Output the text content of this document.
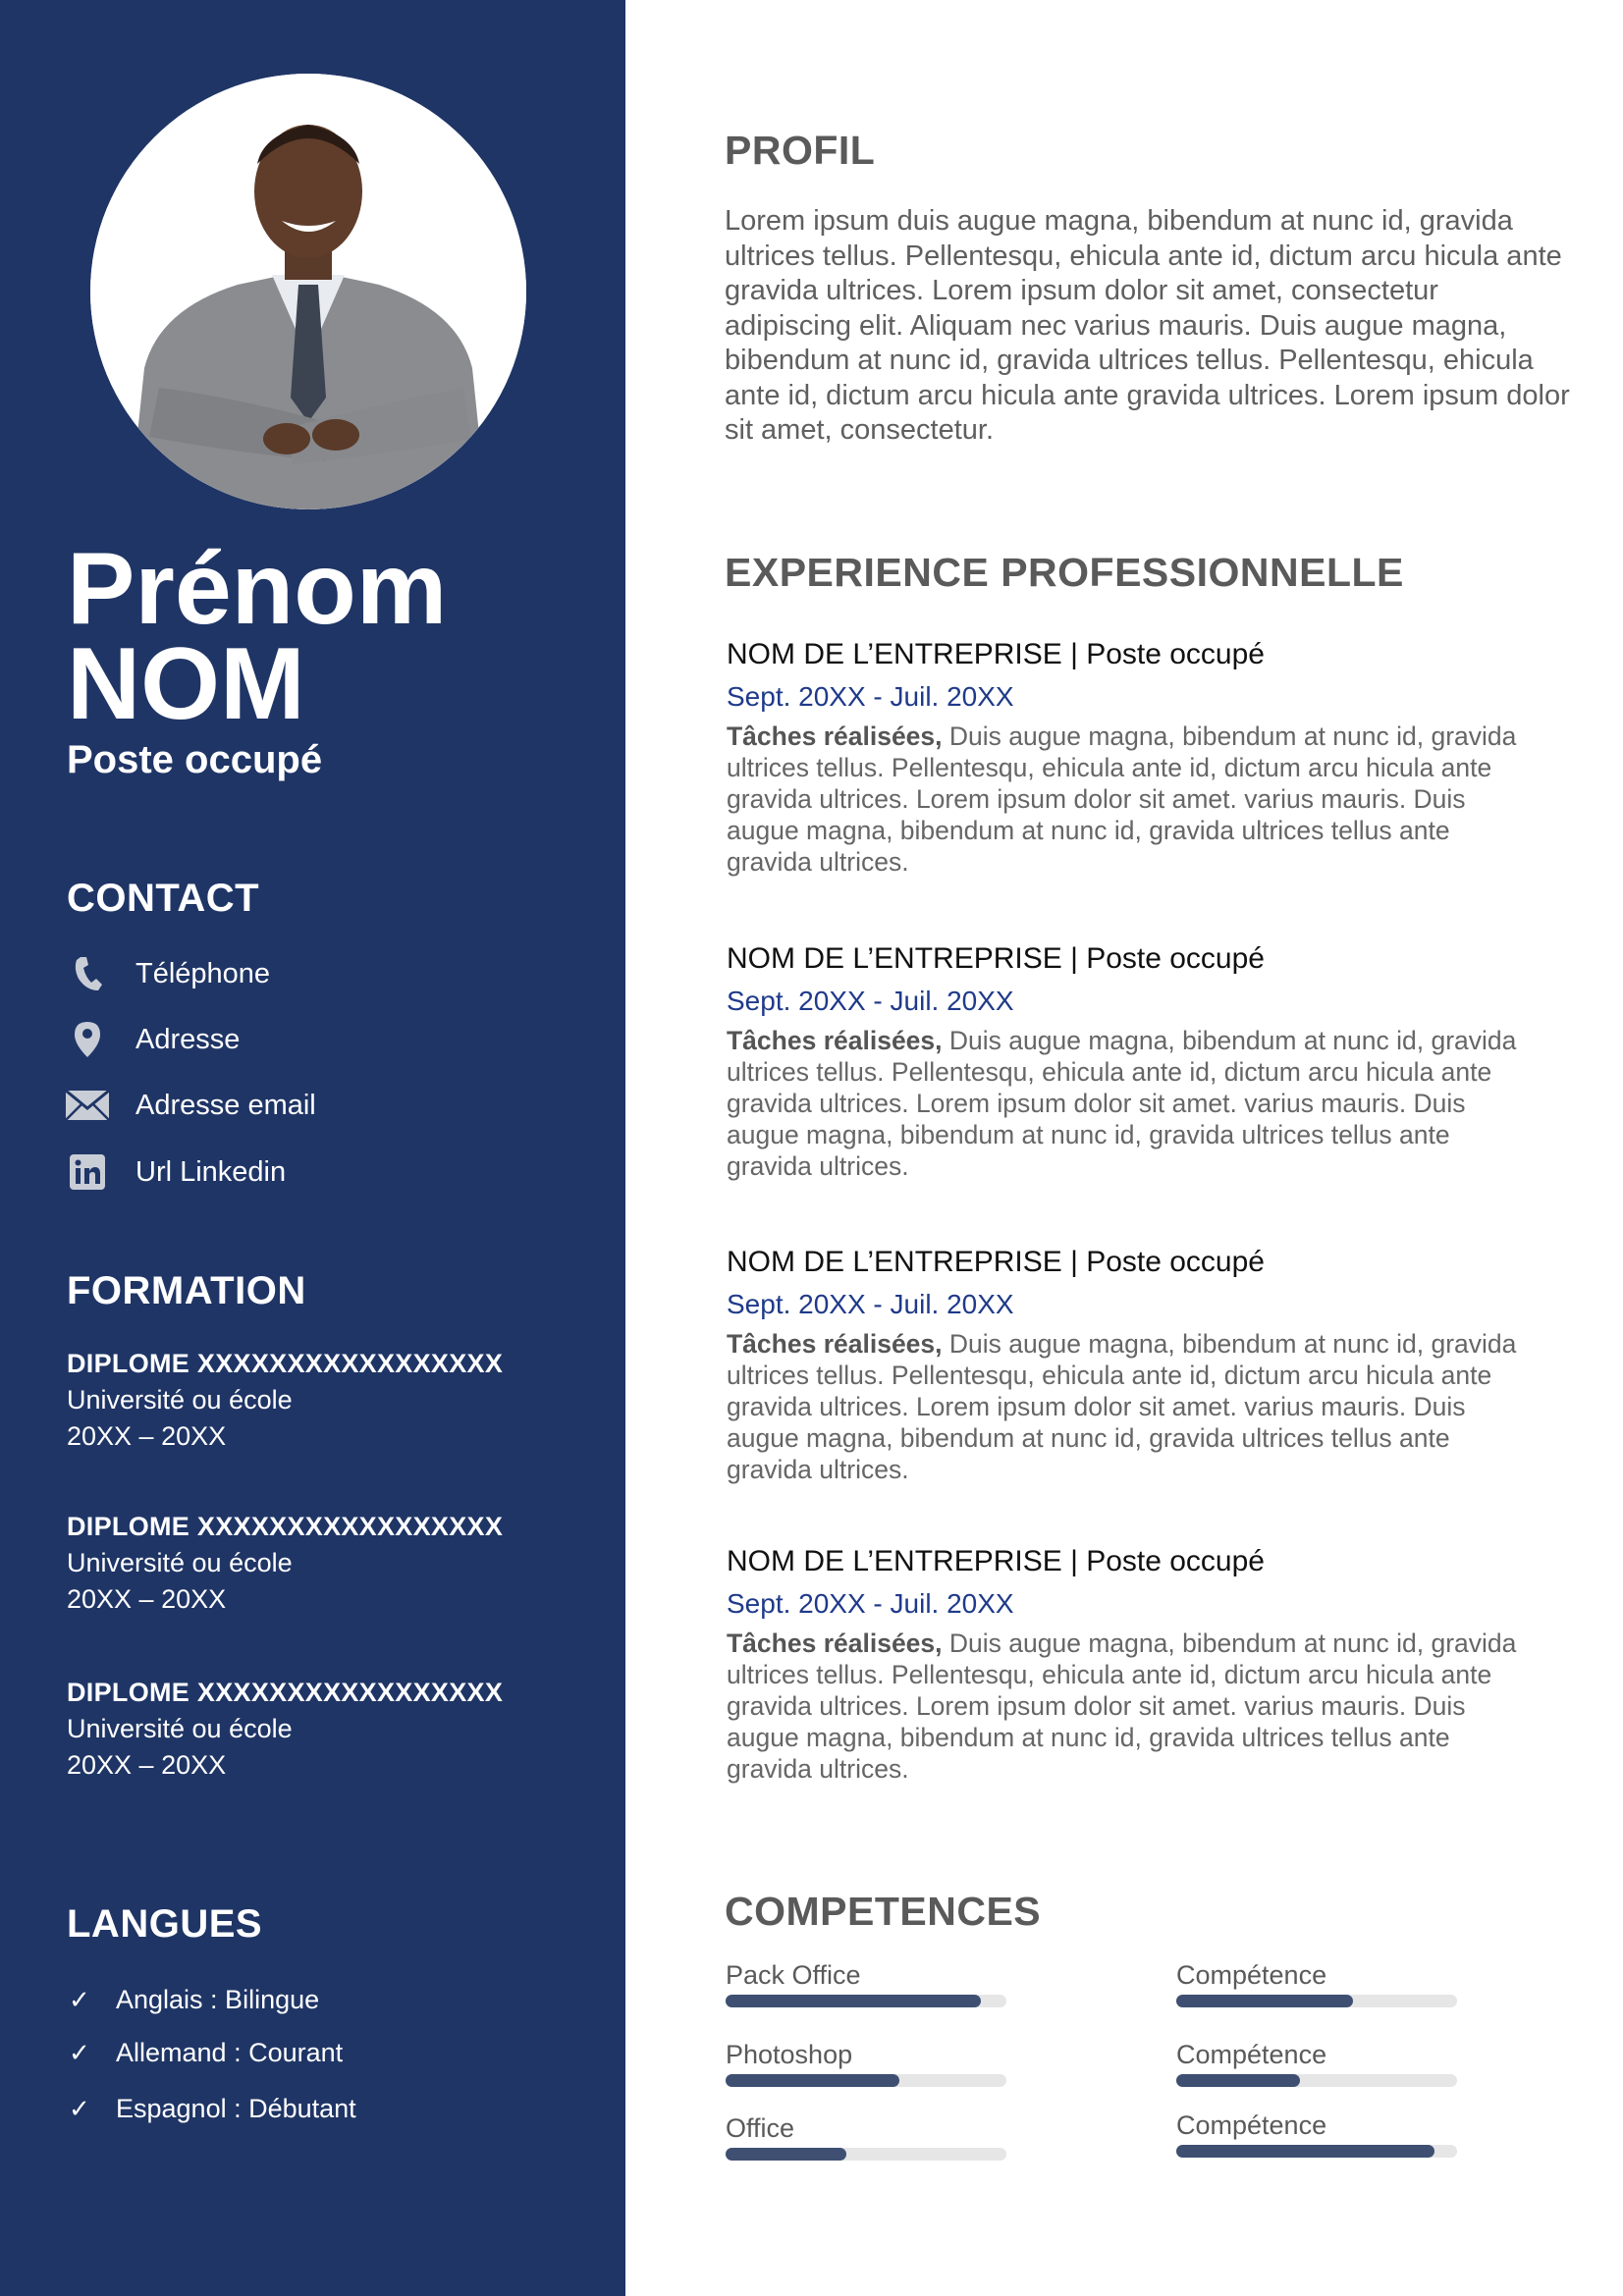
Prénom
NOM
Poste occupé
CONTACT
Téléphone
Adresse
Adresse email
Url Linkedin
FORMATION
DIPLOME XXXXXXXXXXXXXXXXX
Université ou école
20XX – 20XX
DIPLOME XXXXXXXXXXXXXXXXX
Université ou école
20XX – 20XX
DIPLOME XXXXXXXXXXXXXXXXX
Université ou école
20XX – 20XX
LANGUES
✓ Anglais : Bilingue
✓ Allemand : Courant
✓ Espagnol : Débutant
PROFIL
Lorem ipsum duis augue magna, bibendum at nunc id, gravida ultrices tellus. Pellentesqu, ehicula ante id, dictum arcu hicula ante gravida ultrices. Lorem ipsum dolor sit amet, consectetur adipiscing elit. Aliquam nec varius mauris. Duis augue magna, bibendum at nunc id, gravida ultrices tellus. Pellentesqu, ehicula ante id, dictum arcu hicula ante gravida ultrices. Lorem ipsum dolor sit amet, consectetur.
EXPERIENCE PROFESSIONNELLE
NOM DE L’ENTREPRISE | Poste occupé
Sept. 20XX - Juil. 20XX
Tâches réalisées, Duis augue magna, bibendum at nunc id, gravida ultrices tellus. Pellentesqu, ehicula ante id, dictum arcu hicula ante gravida ultrices. Lorem ipsum dolor sit amet. varius mauris. Duis augue magna, bibendum at nunc id, gravida ultrices tellus ante gravida ultrices.
NOM DE L’ENTREPRISE | Poste occupé
Sept. 20XX - Juil. 20XX
Tâches réalisées, Duis augue magna, bibendum at nunc id, gravida ultrices tellus. Pellentesqu, ehicula ante id, dictum arcu hicula ante gravida ultrices. Lorem ipsum dolor sit amet. varius mauris. Duis augue magna, bibendum at nunc id, gravida ultrices tellus ante gravida ultrices.
NOM DE L’ENTREPRISE | Poste occupé
Sept. 20XX - Juil. 20XX
Tâches réalisées, Duis augue magna, bibendum at nunc id, gravida ultrices tellus. Pellentesqu, ehicula ante id, dictum arcu hicula ante gravida ultrices. Lorem ipsum dolor sit amet. varius mauris. Duis augue magna, bibendum at nunc id, gravida ultrices tellus ante gravida ultrices.
NOM DE L’ENTREPRISE | Poste occupé
Sept. 20XX - Juil. 20XX
Tâches réalisées, Duis augue magna, bibendum at nunc id, gravida ultrices tellus. Pellentesqu, ehicula ante id, dictum arcu hicula ante gravida ultrices. Lorem ipsum dolor sit amet. varius mauris. Duis augue magna, bibendum at nunc id, gravida ultrices tellus ante gravida ultrices.
COMPETENCES
Pack Office
Photoshop
Office
Compétence
Compétence
Compétence
